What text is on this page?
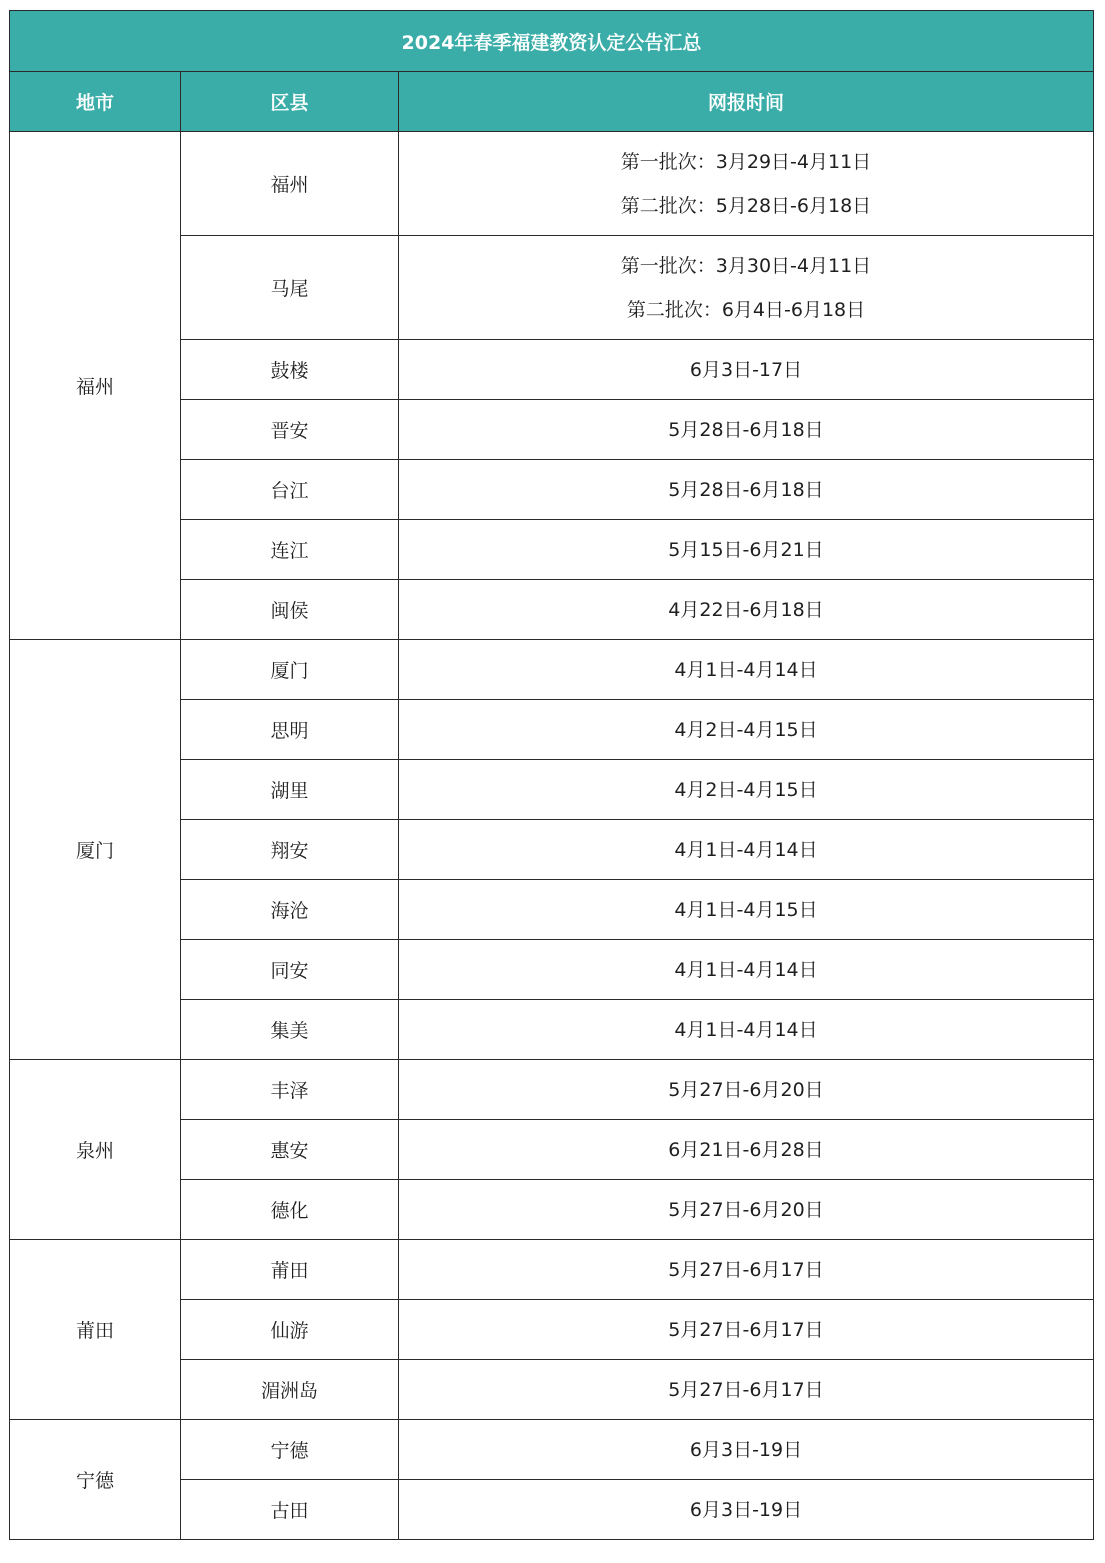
2024年春季福建教资认定公告汇总		
地市	区县	网报时间
福州	福州	第一批次：3月29日-4月11日
第二批次：5月28日-6月18日

	马尾	第一批次：3月30日-4月11日
第二批次：6月4日-6月18日

	鼓楼	6月3日-17日

	晋安	5月28日-6月18日

	台江	5月28日-6月18日

	连江	5月15日-6月21日

	闽侯	4月22日-6月18日

厦门	厦门	4月1日-4月14日

	思明	4月2日-4月15日

	湖里	4月2日-4月15日

	翔安	4月1日-4月14日

	海沧	4月1日-4月15日

	同安	4月1日-4月14日

	集美	4月1日-4月14日

泉州	丰泽	5月27日-6月20日

	惠安	6月21日-6月28日

	德化	5月27日-6月20日

莆田	莆田	5月27日-6月17日

	仙游	5月27日-6月17日

	湄洲岛	5月27日-6月17日

宁德	宁德	6月3日-19日

	古田	6月3日-19日
